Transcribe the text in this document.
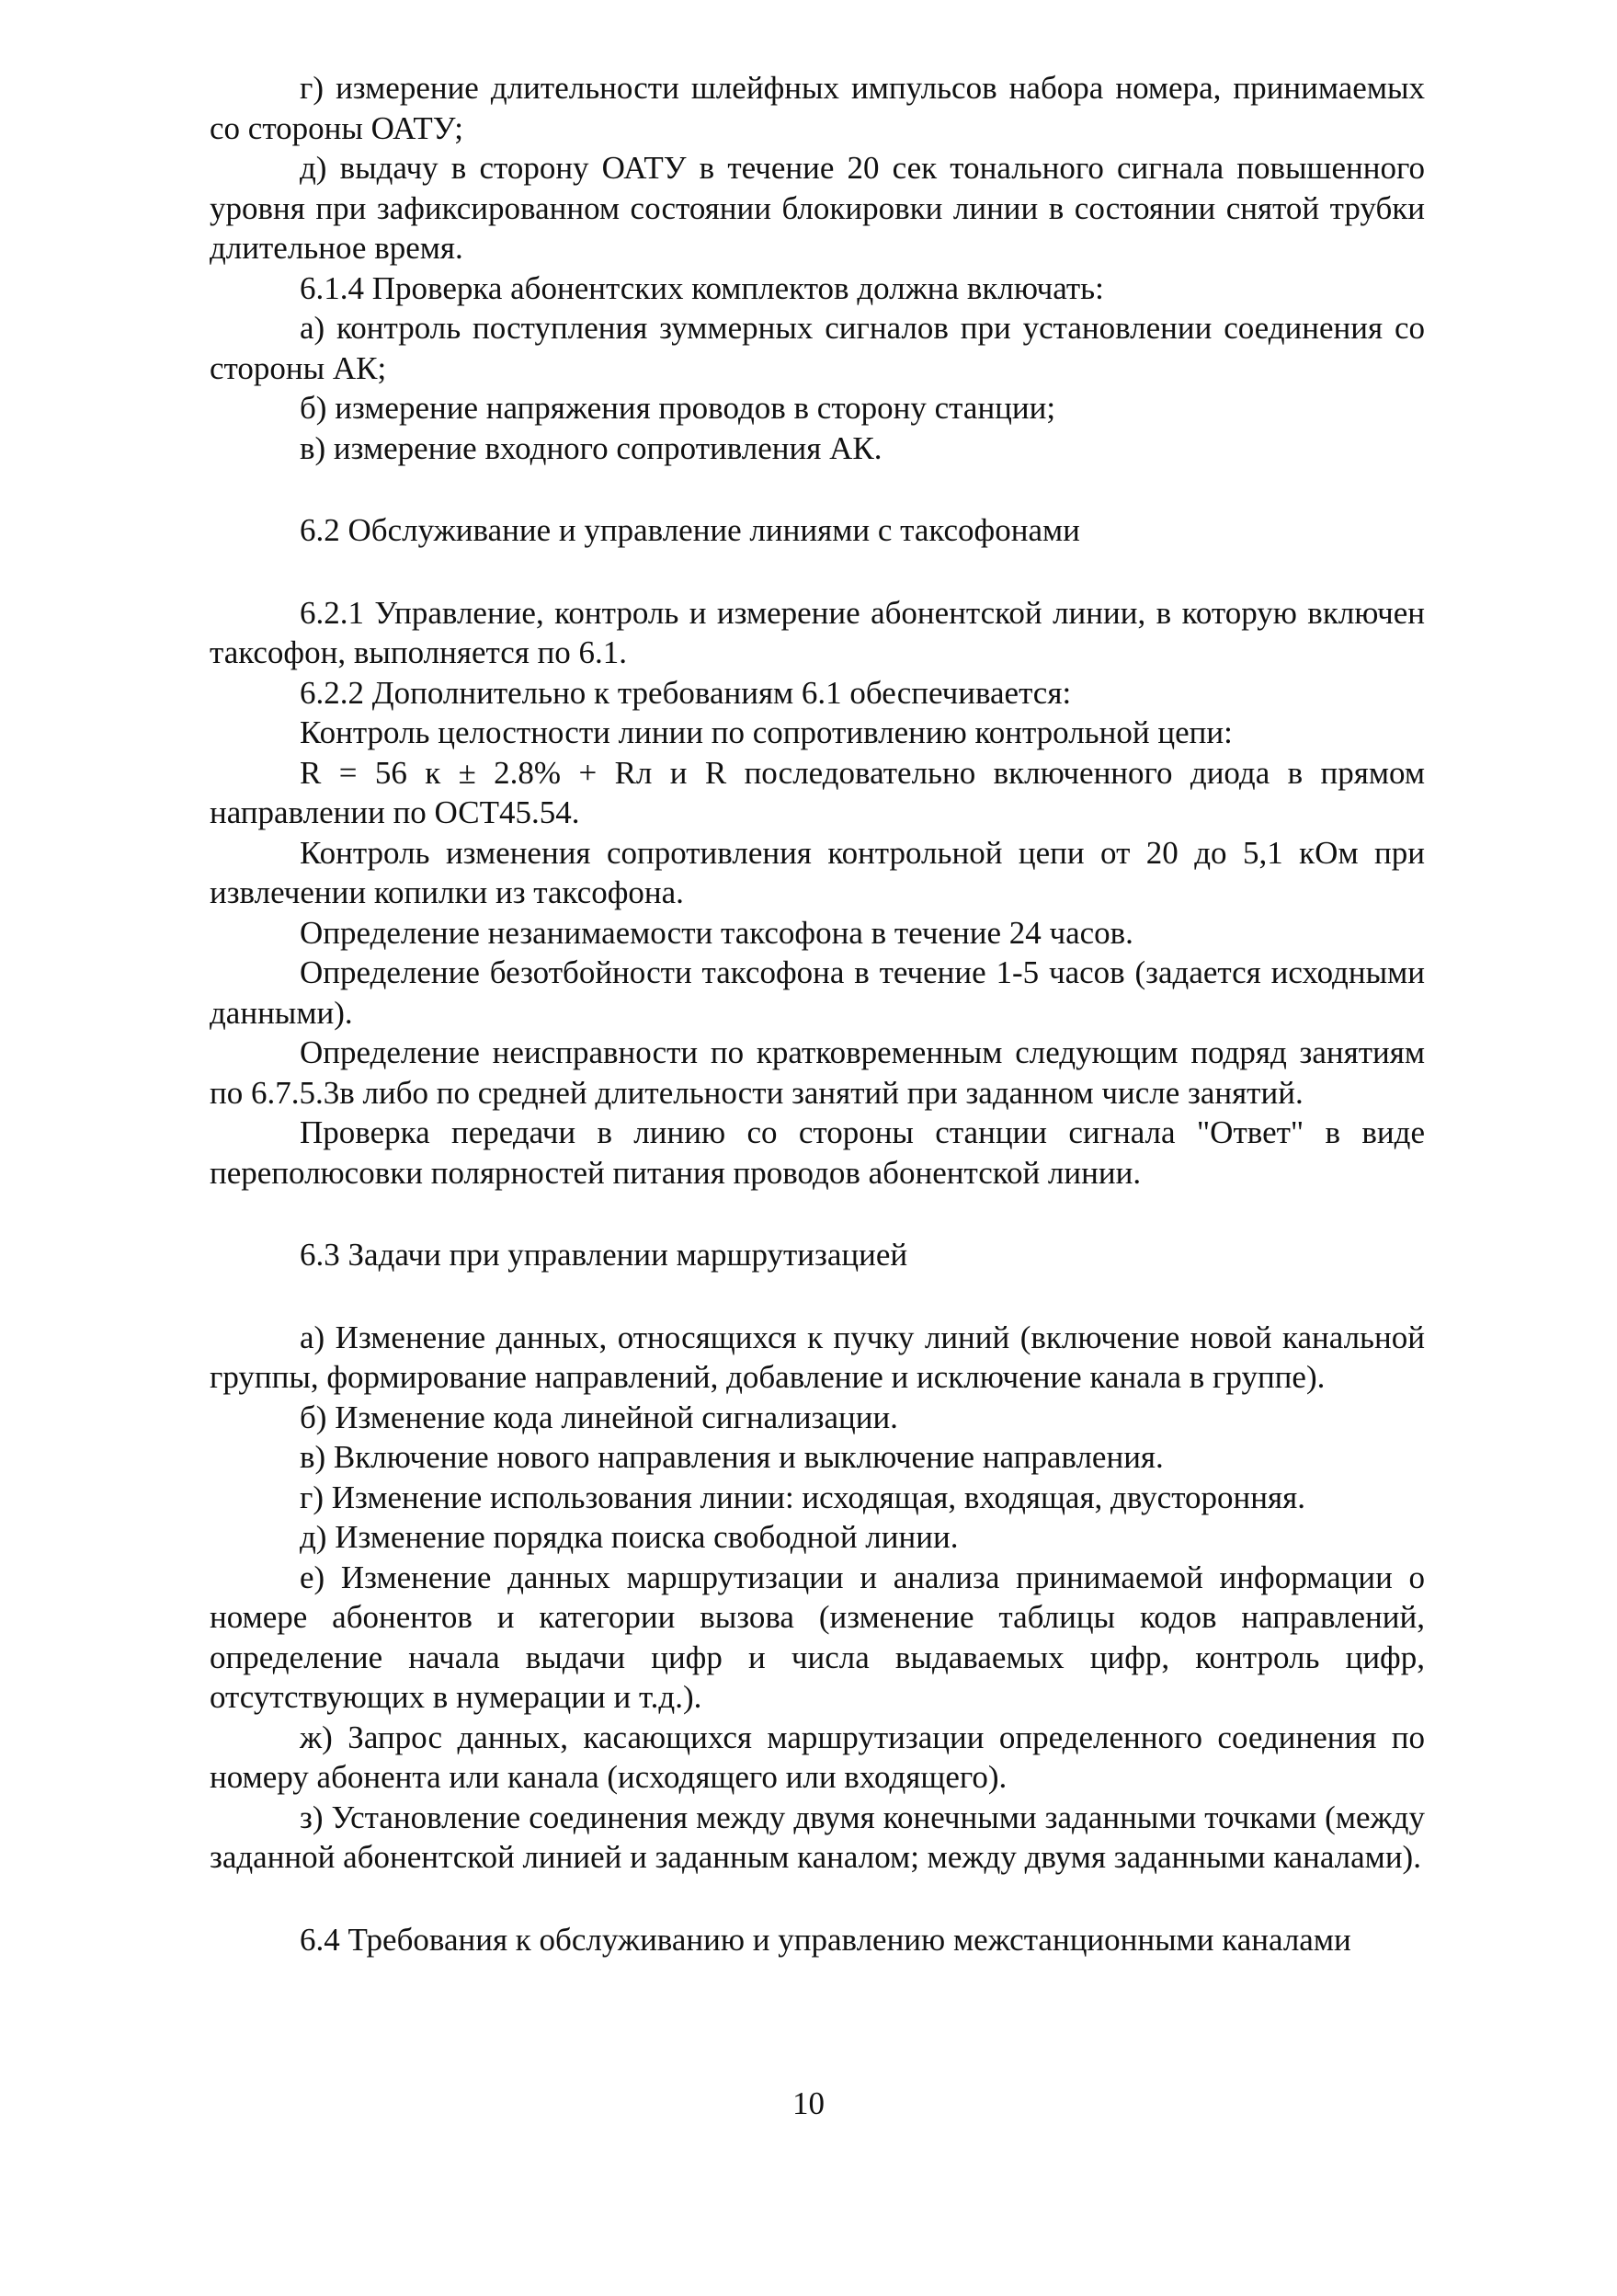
г) измерение длительности шлейфных импульсов набора номера, принимаемых со стороны ОАТУ;

д) выдачу в сторону ОАТУ в течение 20 сек тонального сигнала повышенного уровня при зафиксированном состоянии блокировки линии в состоянии снятой трубки длительное время.

6.1.4 Проверка абонентских комплектов должна включать:

а) контроль поступления зуммерных сигналов при установлении соединения со стороны АК;

б) измерение напряжения проводов в сторону станции;

в) измерение входного сопротивления АК.

6.2 Обслуживание и управление линиями с таксофонами

6.2.1 Управление, контроль и измерение абонентской линии, в которую включен таксофон, выполняется по 6.1.

6.2.2 Дополнительно к требованиям 6.1 обеспечивается:

Контроль целостности линии по сопротивлению контрольной цепи:

R = 56 к ± 2.8% + Rл и R последовательно включенного диода в прямом направлении по ОСТ45.54.

Контроль изменения сопротивления контрольной цепи от 20 до 5,1 кОм при извлечении копилки из таксофона.

Определение незанимаемости таксофона в течение 24 часов.

Определение безотбойности таксофона в течение 1-5 часов (задается исходными данными).

Определение неисправности по кратковременным следующим подряд занятиям по 6.7.5.3в либо по средней длительности занятий при заданном числе занятий.

Проверка передачи в линию со стороны станции сигнала "Ответ" в виде переполюсовки полярностей питания проводов абонентской линии.

6.3 Задачи при управлении маршрутизацией

а) Изменение данных, относящихся к пучку линий (включение новой канальной группы, формирование направлений, добавление и исключение канала в группе).

б) Изменение кода линейной сигнализации.

в) Включение нового направления и выключение направления.

г) Изменение использования линии: исходящая, входящая, двусторонняя.

д) Изменение порядка поиска свободной линии.

е) Изменение данных маршрутизации и анализа принимаемой информации о номере абонентов и категории вызова (изменение таблицы кодов направлений, определение начала выдачи цифр и числа выдаваемых цифр, контроль цифр, отсутствующих в нумерации и т.д.).

ж) Запрос данных, касающихся маршрутизации определенного соединения по номеру абонента или канала (исходящего или входящего).

з) Установление соединения между двумя конечными заданными точками (между заданной абонентской линией и заданным каналом; между двумя заданными каналами).

6.4 Требования к обслуживанию и управлению межстанционными каналами

10
